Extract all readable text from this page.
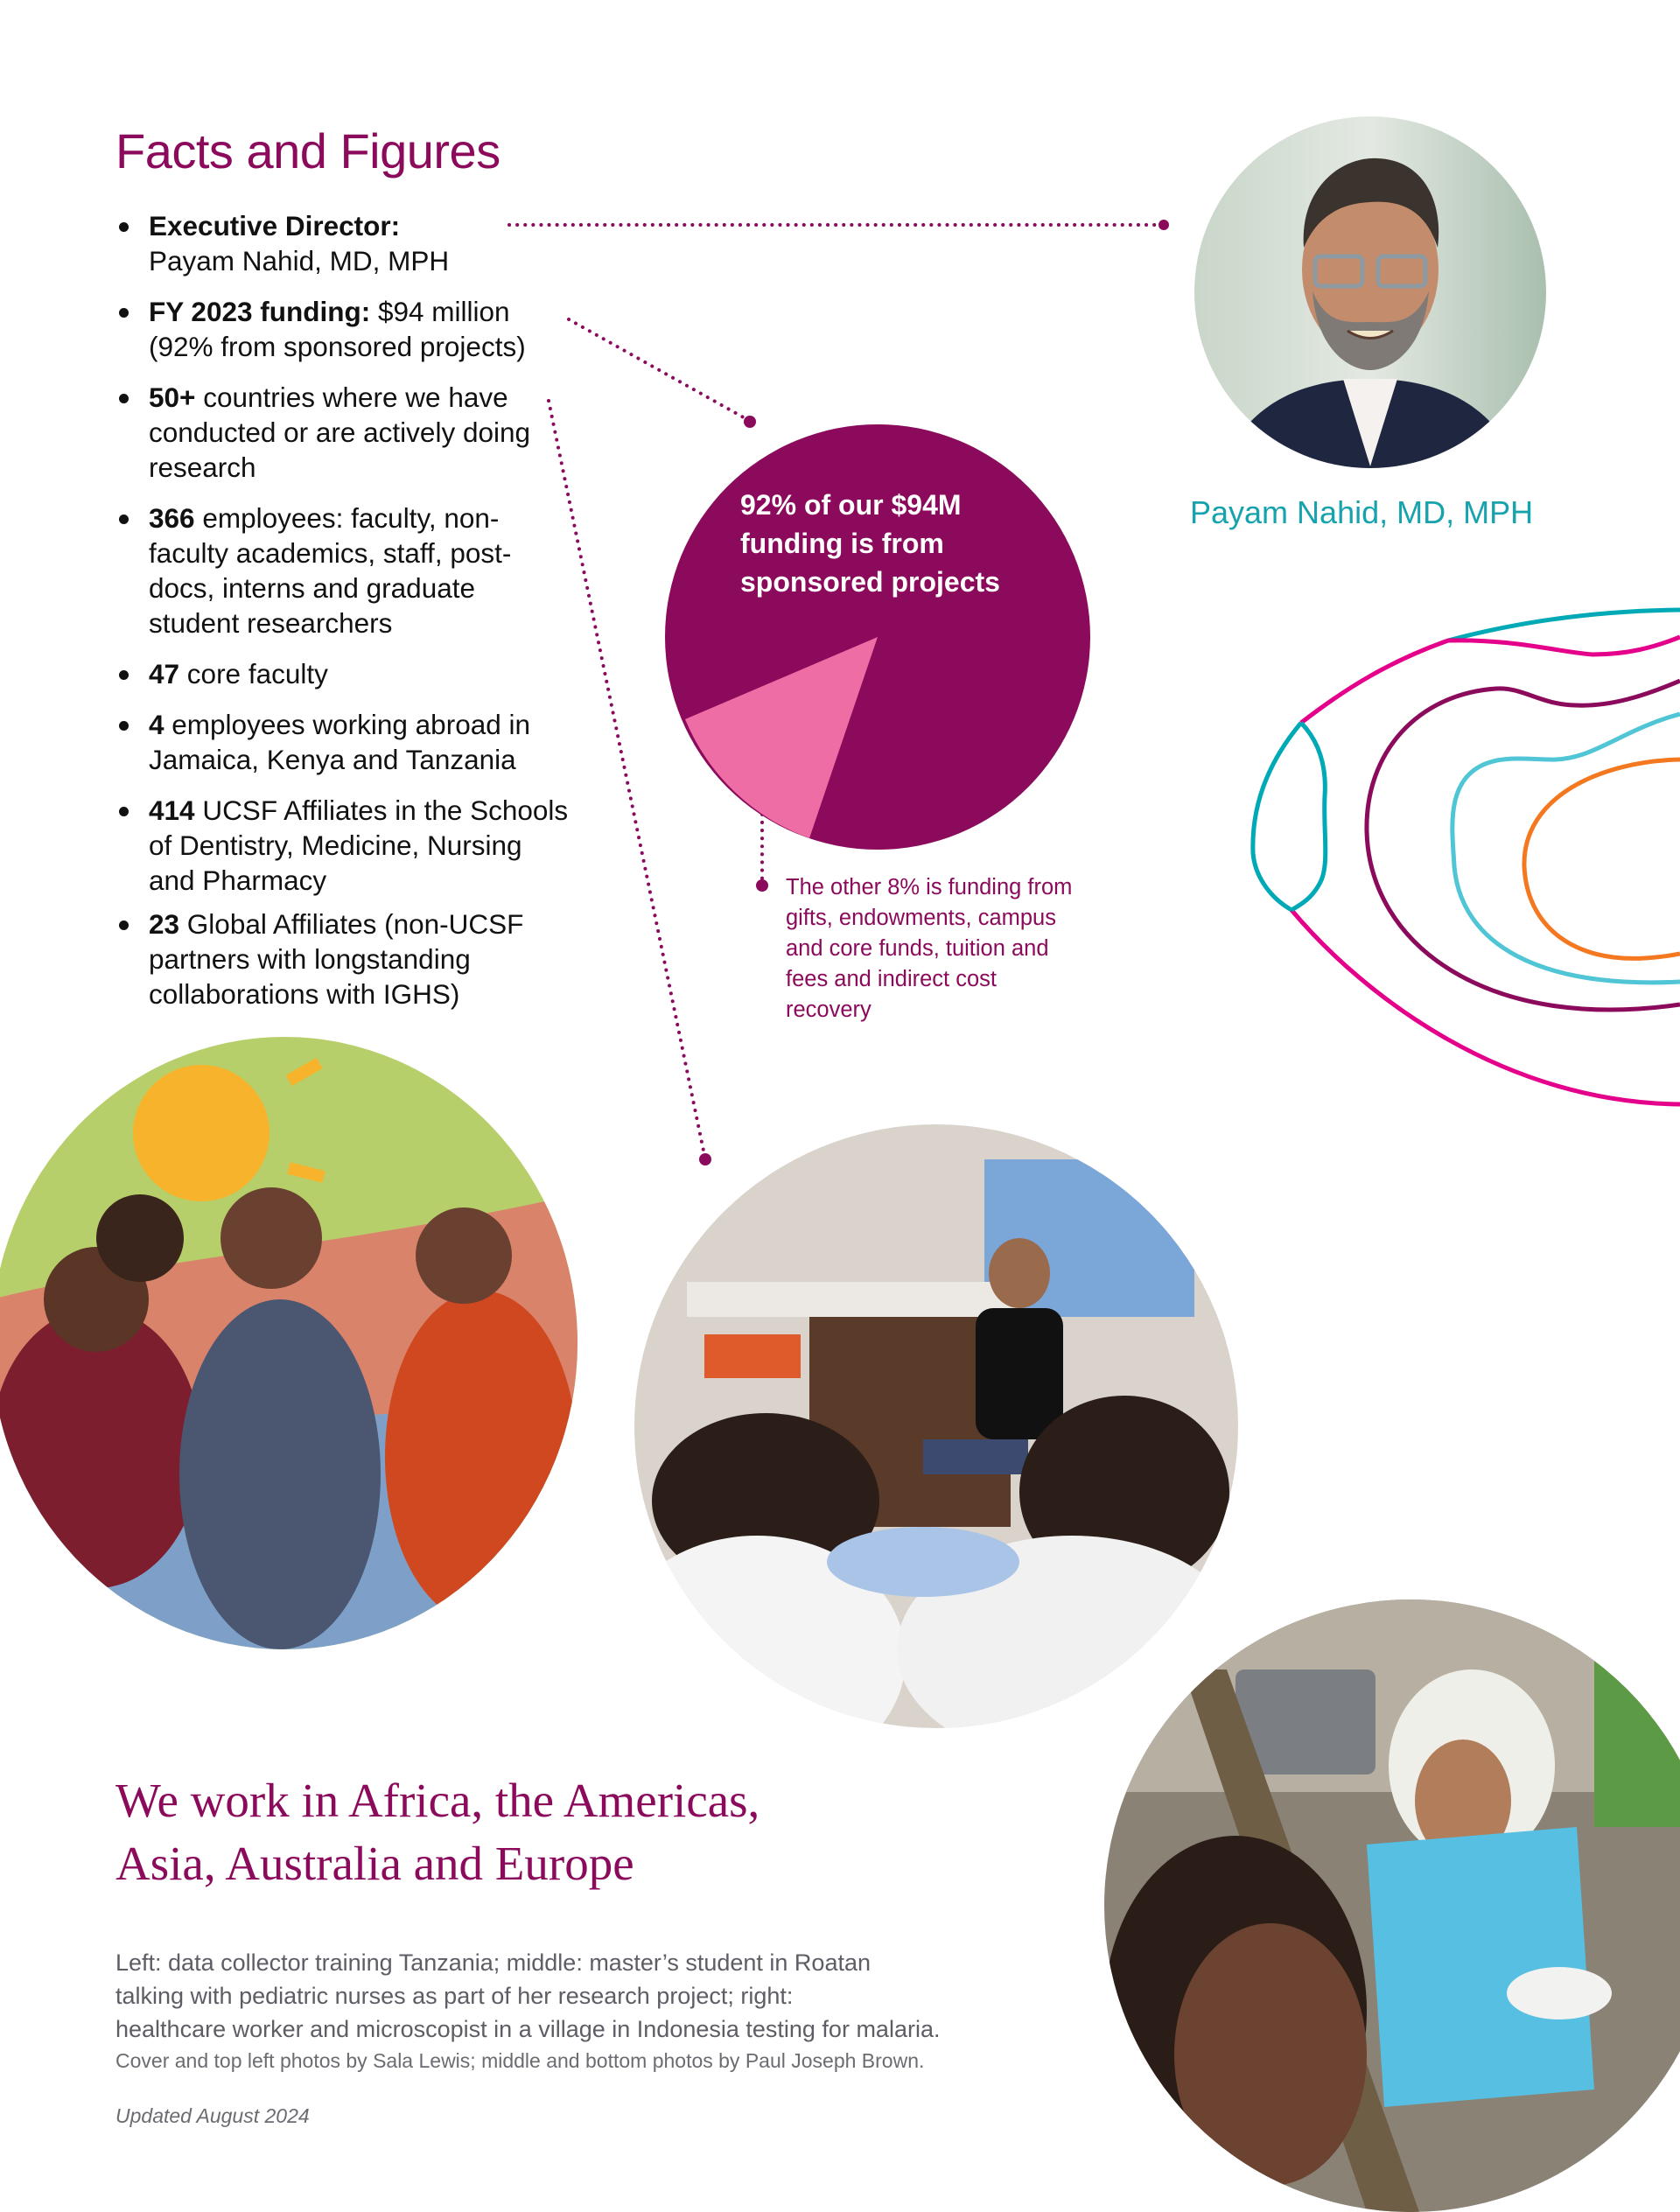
Facts and Figures
Executive Director:
Payam Nahid, MD, MPH
FY 2023 funding: $94 million (92% from sponsored projects)
50+ countries where we have conducted or are actively doing research
366 employees: faculty, non-faculty academics, staff, post-docs, interns and graduate student researchers
47 core faculty
4 employees working abroad in Jamaica, Kenya and Tanzania
414 UCSF Affiliates in the Schools of Dentistry, Medicine, Nursing and Pharmacy
23 Global Affiliates (non-UCSF partners with longstanding collaborations with IGHS)
92% of our $94M funding is from sponsored projects
The other 8% is funding from gifts, endowments, campus and core funds, tuition and fees and indirect cost recovery
Payam Nahid, MD, MPH
We work in Africa, the Americas,
Asia, Australia and Europe
Left: data collector training Tanzania; middle: master’s student in Roatan
talking with pediatric nurses as part of her research project; right:
healthcare worker and microscopist in a village in Indonesia testing for malaria.
Cover and top left photos by Sala Lewis; middle and bottom photos by Paul Joseph Brown.
Updated August 2024
